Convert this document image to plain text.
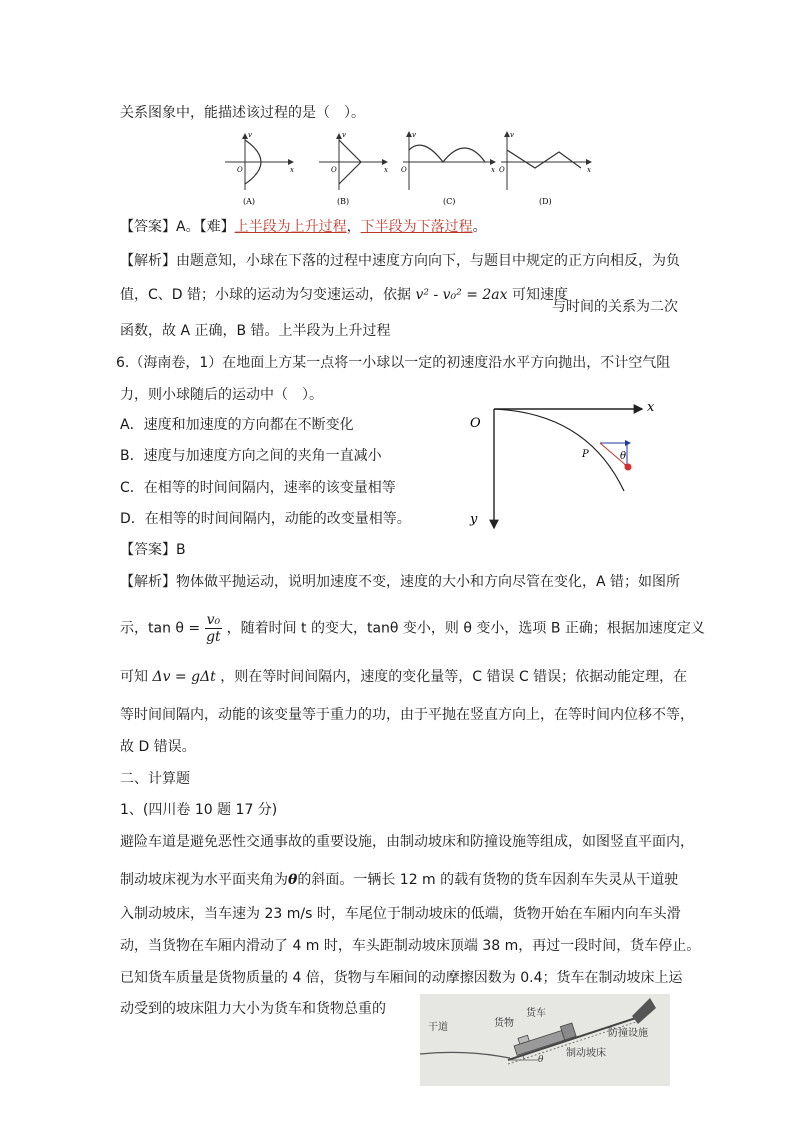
关系图象中，能描述该过程的是（　）。
v
O	x
(A)
v
O	x
(B)
v
O	x
(C)
v
O	x
(D)
【答案】A。【难】上半段为上升过程，下半段为下落过程。
【解析】由题意知，小球在下落的过程中速度方向向下，与题目中规定的正方向相反，为负
值，C、D 错；小球的运动为匀变速运动，依据 v² - v₀² = 2ax 可知速度
与时间的关系为二次
函数，故 A 正确，B 错。上半段为上升过程
6.（海南卷，1）在地面上方某一点将一小球以一定的初速度沿水平方向抛出，不计空气阻
力，则小球随后的运动中（　）。
A．速度和加速度的方向都在不断变化
B．速度与加速度方向之间的夹角一直减小
C．在相等的时间间隔内，速率的该变量相等
D．在相等的时间间隔内，动能的改变量相等。
O
x
y
P	θ
【答案】B
【解析】物体做平抛运动，说明加速度不变，速度的大小和方向尽管在变化，A 错；如图所
示，$\tan \theta = \frac{\text{v₀}}{gt}$ ，随着时间 t 的变大，tanθ 变小，则 θ 变小，选项 B 正确；根据加速度定义
可知 Δv = gΔt ，则在等时间间隔内，速度的变化量等，C 错误 C 错误；依据动能定理，在
等时间间隔内，动能的该变量等于重力的功，由于平抛在竖直方向上，在等时间内位移不等，
故 D 错误。
二、计算题
1、(四川卷 10 题 17 分)
避险车道是避免恶性交通事故的重要设施，由制动坡床和防撞设施等组成，如图竖直平面内，
制动坡床视为水平面夹角为θ的斜面。一辆长 12 m 的载有货物的货车因刹车失灵从干道驶
入制动坡床，当车速为 23 m/s 时，车尾位于制动坡床的低端，货物开始在车厢内向车头滑
动，当货物在车厢内滑动了 4 m 时，车头距制动坡床顶端 38 m，再过一段时间，货车停止。
已知货车质量是货物质量的 4 倍，货物与车厢间的动摩擦因数为 0.4；货车在制动坡床上运
动受到的坡床阻力大小为货车和货物总重的
干道	货物
货车
防撞设施
制动坡床
θ
